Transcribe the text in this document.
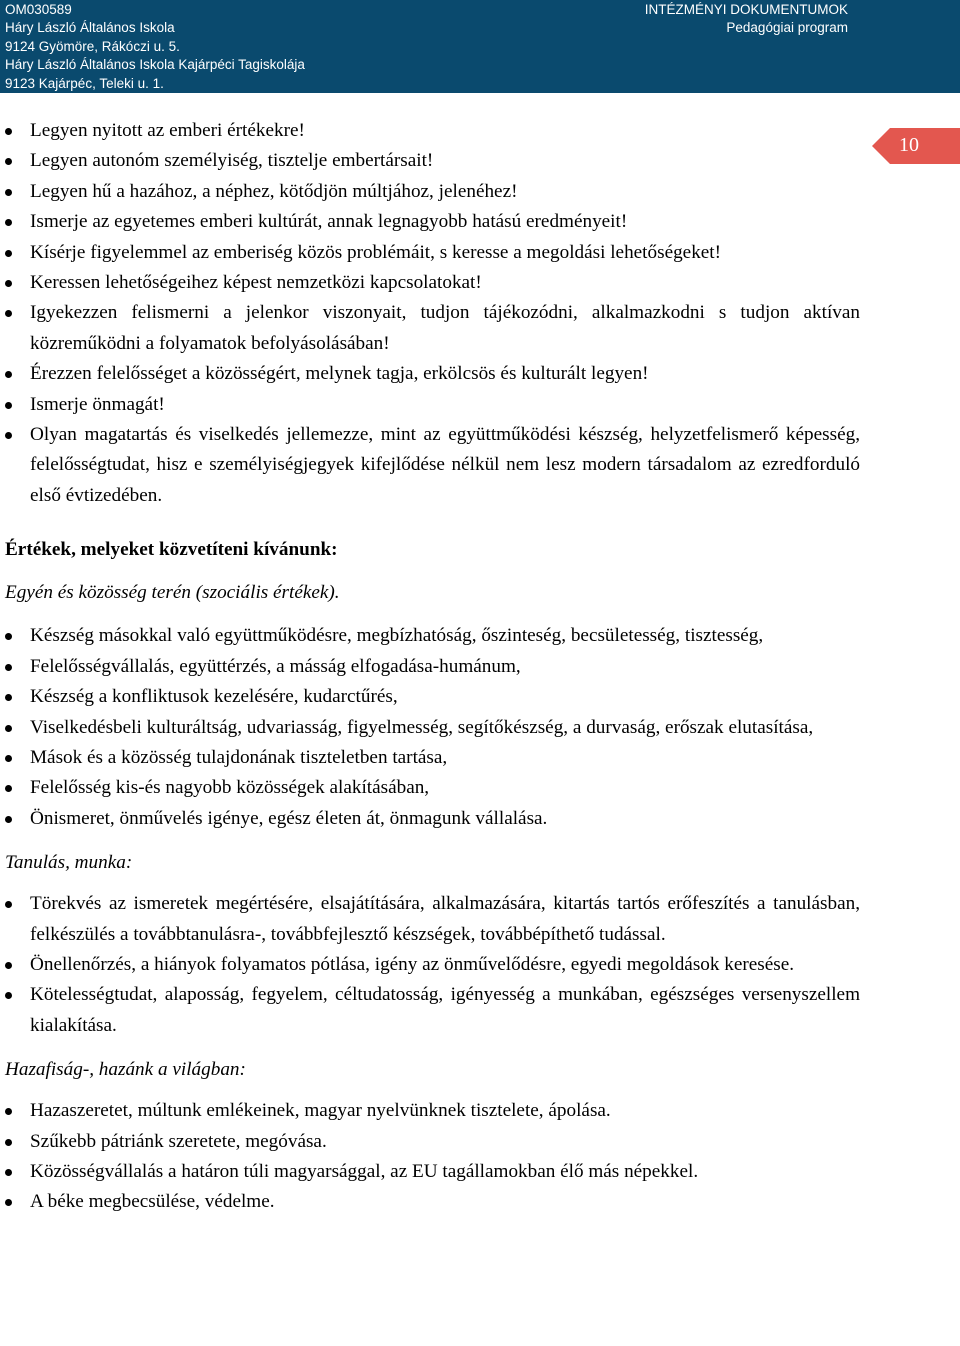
OM030589
Háry László Általános Iskola
9124 Gyömöre, Rákóczi u. 5.
Háry László Általános Iskola Kajárpéci Tagiskolája
9123 Kajárpéc, Teleki u. 1.
INTÉZMÉNYI DOKUMENTUMOK
Pedagógiai program
10
Legyen nyitott az emberi értékekre!
Legyen autonóm személyiség, tisztelje embertársait!
Legyen hű a hazához, a néphez, kötődjön múltjához, jelenéhez!
Ismerje az egyetemes emberi kultúrát, annak legnagyobb hatású eredményeit!
Kísérje figyelemmel az emberiség közös problémáit, s keresse a megoldási lehetőségeket!
Keressen lehetőségeihez képest nemzetközi kapcsolatokat!
Igyekezzen felismerni a jelenkor viszonyait, tudjon tájékozódni, alkalmazkodni s tudjon aktívan közreműködni a folyamatok befolyásolásában!
Érezzen felelősséget a közösségért, melynek tagja, erkölcsös és kulturált legyen!
Ismerje önmagát!
Olyan magatartás és viselkedés jellemezze, mint az együttműködési készség, helyzetfelismerő képesség, felelősségtudat, hisz e személyiségjegyek kifejlődése nélkül nem lesz modern társadalom az ezredforduló első évtizedében.
Értékek, melyeket közvetíteni kívánunk:
Egyén és közösség terén (szociális értékek).
Készség másokkal való együttműködésre, megbízhatóság, őszinteség, becsületesség, tisztesség,
Felelősségvállalás, együttérzés, a másság elfogadása-humánum,
Készség a konfliktusok kezelésére, kudarctűrés,
Viselkedésbeli kulturáltság, udvariasság, figyelmesség, segítőkészség, a durvaság, erőszak elutasítása,
Mások és a közösség tulajdonának tiszteletben tartása,
Felelősség kis-és nagyobb közösségek alakításában,
Önismeret, önművelés igénye, egész életen át, önmagunk vállalása.
Tanulás, munka:
Törekvés az ismeretek megértésére, elsajátítására, alkalmazására, kitartás tartós erőfeszítés a tanulásban, felkészülés a továbbtanulásra-, továbbfejlesztő készségek, továbbépíthető tudással.
Önellenőrzés, a hiányok folyamatos pótlása, igény az önművelődésre, egyedi megoldások keresése.
Kötelességtudat, alaposság, fegyelem, céltudatosság, igényesség a munkában, egészséges versenyszellem kialakítása.
Hazafiság-, hazánk a világban:
Hazaszeretet, múltunk emlékeinek, magyar nyelvünknek tisztelete, ápolása.
Szűkebb pátriánk szeretete, megóvása.
Közösségvállalás a határon túli magyarsággal, az EU tagállamokban élő más népekkel.
A béke megbecsülése, védelme.
